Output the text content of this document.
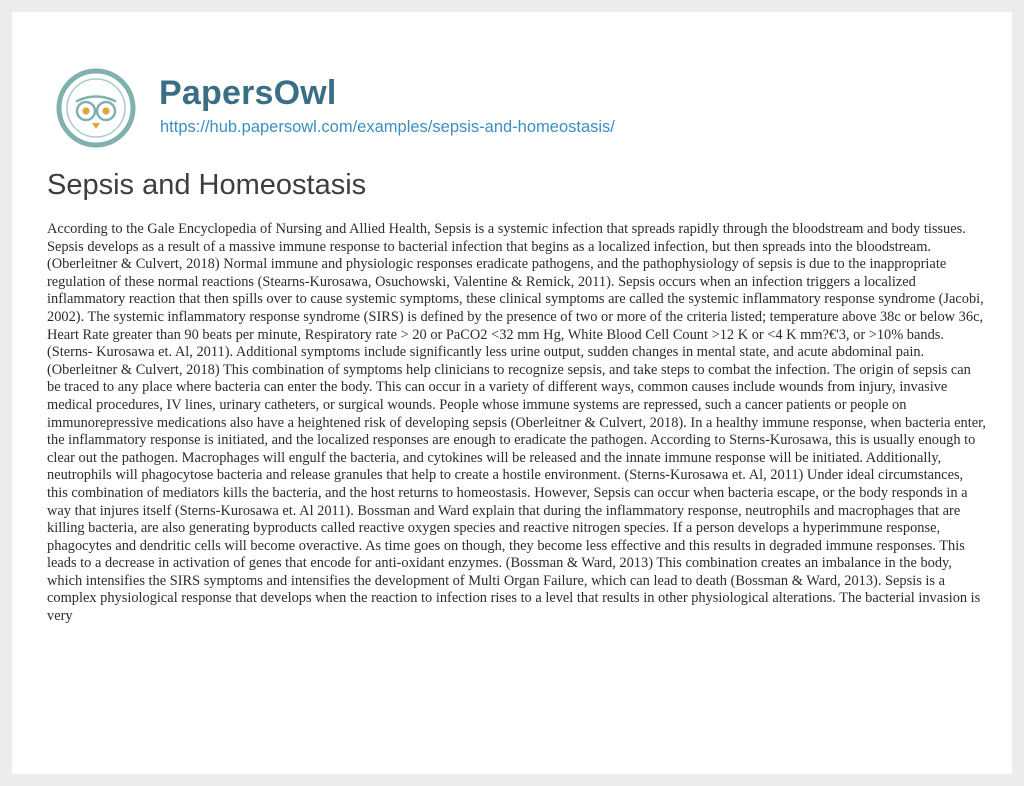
PapersOwl
https://hub.papersowl.com/examples/sepsis-and-homeostasis/
Sepsis and Homeostasis

According to the Gale Encyclopedia of Nursing and Allied Health, Sepsis is a systemic infection that spreads rapidly through the bloodstream and body tissues. Sepsis develops as a result of a massive immune response to bacterial infection that begins as a localized infection, but then spreads into the bloodstream. (Oberleitner & Culvert, 2018) Normal immune and physiologic responses eradicate pathogens, and the pathophysiology of sepsis is due to the inappropriate regulation of these normal reactions (Stearns-Kurosawa, Osuchowski, Valentine & Remick, 2011). Sepsis occurs when an infection triggers a localized inflammatory reaction that then spills over to cause systemic symptoms, these clinical symptoms are called the systemic inflammatory response syndrome (Jacobi, 2002). The systemic inflammatory response syndrome (SIRS) is defined by the presence of two or more of the criteria listed; temperature above 38c or below 36c, Heart Rate greater than 90 beats per minute, Respiratory rate > 20 or PaCO2 <32 mm Hg, White Blood Cell Count >12 K or <4 K mm?€'3, or >10% bands. (Sterns- Kurosawa et. Al, 2011). Additional symptoms include significantly less urine output, sudden changes in mental state, and acute abdominal pain. (Oberleitner & Culvert, 2018) This combination of symptoms help clinicians to recognize sepsis, and take steps to combat the infection. The origin of sepsis can be traced to any place where bacteria can enter the body. This can occur in a variety of different ways, common causes include wounds from injury, invasive medical procedures, IV lines, urinary catheters, or surgical wounds. People whose immune systems are repressed, such a cancer patients or people on immunorepressive medications also have a heightened risk of developing sepsis (Oberleitner & Culvert, 2018). In a healthy immune response, when bacteria enter, the inflammatory response is initiated, and the localized responses are enough to eradicate the pathogen. According to Sterns-Kurosawa, this is usually enough to clear out the pathogen. Macrophages will engulf the bacteria, and cytokines will be released and the innate immune response will be initiated. Additionally, neutrophils will phagocytose bacteria and release granules that help to create a hostile environment. (Sterns-Kurosawa et. Al, 2011) Under ideal circumstances, this combination of mediators kills the bacteria, and the host returns to homeostasis. However, Sepsis can occur when bacteria escape, or the body responds in a way that injures itself (Sterns-Kurosawa et. Al 2011). Bossman and Ward explain that during the inflammatory response, neutrophils and macrophages that are killing bacteria, are also generating byproducts called reactive oxygen species and reactive nitrogen species. If a person develops a hyperimmune response, phagocytes and dendritic cells will become overactive. As time goes on though, they become less effective and this results in degraded immune responses. This leads to a decrease in activation of genes that encode for anti-oxidant enzymes. (Bossman & Ward, 2013) This combination creates an imbalance in the body, which intensifies the SIRS symptoms and intensifies the development of Multi Organ Failure, which can lead to death (Bossman & Ward, 2013). Sepsis is a complex physiological response that develops when the reaction to infection rises to a level that results in other physiological alterations. The bacterial invasion is very
